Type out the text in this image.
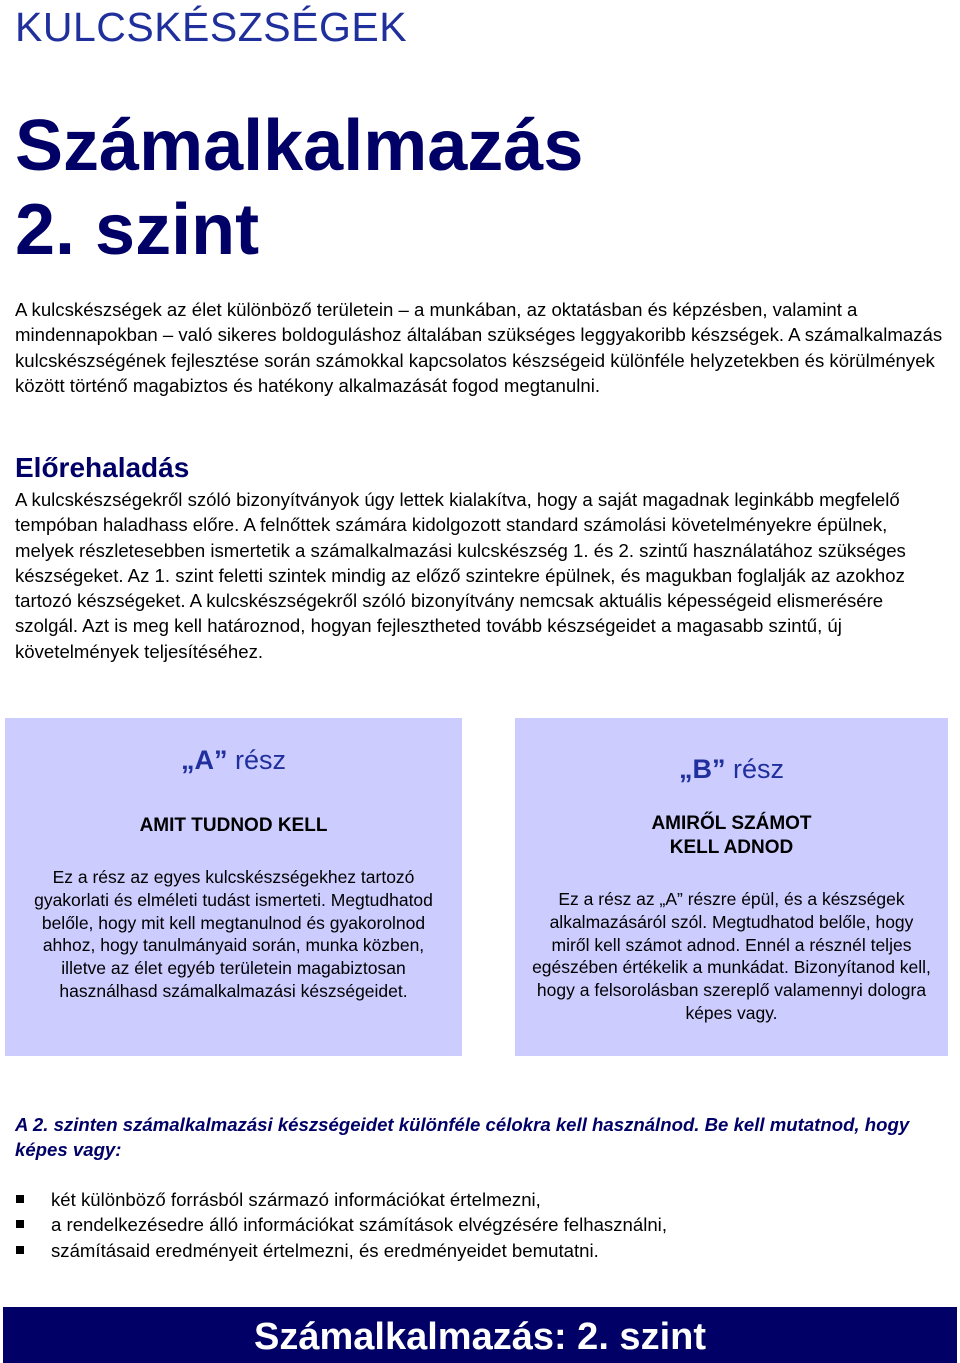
KULCSKÉSZSÉGEK
Számalkalmazás
2. szint

A kulcskészségek az élet különböző területein – a munkában, az oktatásban és képzésben, valamint a mindennapokban – való sikeres boldoguláshoz általában szükséges leggyakoribb készségek. A számalkalmazás kulcskészségének fejlesztése során számokkal kapcsolatos készségeid különféle helyzetekben és körülmények között történő magabiztos és hatékony alkalmazását fogod megtanulni.

Előrehaladás

A kulcskészségekről szóló bizonyítványok úgy lettek kialakítva, hogy a saját magadnak leginkább megfelelő tempóban haladhass előre. A felnőttek számára kidolgozott standard számolási követelményekre épülnek, melyek részletesebben ismertetik a számalkalmazási kulcskészség 1. és 2. szintű használatához szükséges készségeket. Az 1. szint feletti szintek mindig az előző szintekre épülnek, és magukban foglalják az azokhoz tartozó készségeket. A kulcskészségekről szóló bizonyítvány nemcsak aktuális képességeid elismerésére szolgál. Azt is meg kell határoznod, hogyan fejlesztheted tovább készségeidet a magasabb szintű, új követelmények teljesítéséhez.

„A” rész
AMIT TUDNOD KELL
Ez a rész az egyes kulcskészségekhez tartozó gyakorlati és elméleti tudást ismerteti. Megtudhatod belőle, hogy mit kell megtanulnod és gyakorolnod ahhoz, hogy tanulmányaid során, munka közben, illetve az élet egyéb területein magabiztosan használhasd számalkalmazási készségeidet.
„B” rész
AMIRŐL SZÁMOT
KELL ADNOD
Ez a rész az „A” részre épül, és a készségek alkalmazásáról szól. Megtudhatod belőle, hogy miről kell számot adnod. Ennél a résznél teljes egészében értékelik a munkádat. Bizonyítanod kell, hogy a felsorolásban szereplő valamennyi dologra képes vagy.

A 2. szinten számalkalmazási készségeidet különféle célokra kell használnod. Be kell mutatnod, hogy képes vagy:

két különböző forrásból származó információkat értelmezni,
a rendelkezésedre álló információkat számítások elvégzésére felhasználni,
számításaid eredményeit értelmezni, és eredményeidet bemutatni.
Számalkalmazás: 2. szint
